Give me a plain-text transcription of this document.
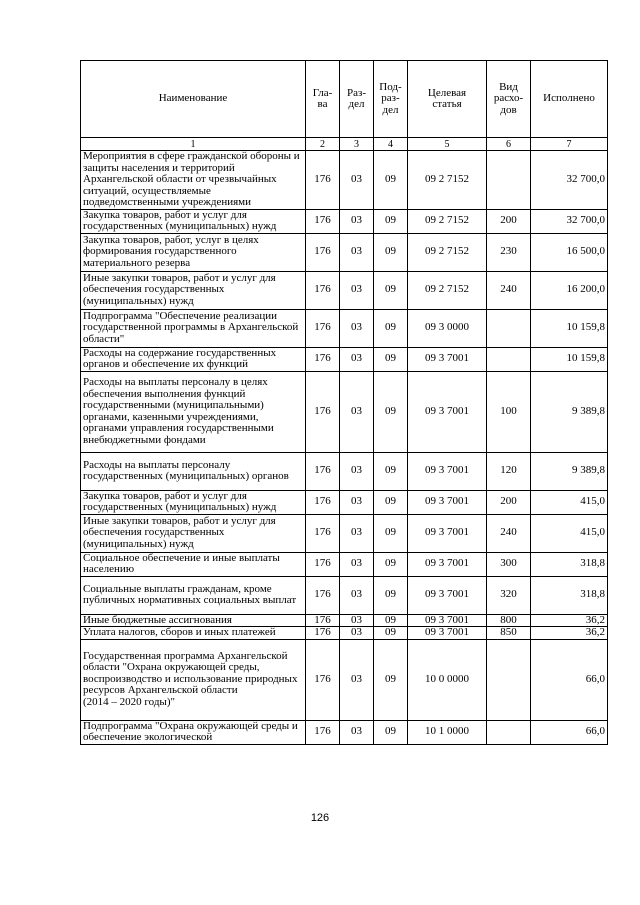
Наименование	Гла-
ва	Раз-
дел	Под-
раз-
дел	Целевая
статья	Вид
расхо-
дов	Исполнено
1	2	3	4	5	6	7
Мероприятия в сфере гражданской обороны и защиты населения и территорий Архангельской области от чрезвычайных ситуаций, осуществляемые подведомственными учреждениями	176	03	09	09 2 7152		32 700,0
Закупка товаров, работ и услуг для государственных (муниципальных) нужд	176	03	09	09 2 7152	200	32 700,0
Закупка товаров, работ, услуг в целях формирования государственного материального резерва	176	03	09	09 2 7152	230	16 500,0
Иные закупки товаров, работ и услуг для обеспечения государственных (муниципальных) нужд	176	03	09	09 2 7152	240	16 200,0
Подпрограмма "Обеспечение реализации государственной программы в Архангельской области"	176	03	09	09 3 0000		10 159,8
Расходы на содержание государственных органов и обеспечение их функций	176	03	09	09 3 7001		10 159,8
Расходы на выплаты персоналу в целях обеспечения выполнения функций государственными (муниципальными) органами, казенными учреждениями, органами управления государственными внебюджетными фондами	176	03	09	09 3 7001	100	9 389,8
Расходы на выплаты персоналу государственных (муниципальных) органов	176	03	09	09 3 7001	120	9 389,8
Закупка товаров, работ и услуг для государственных (муниципальных) нужд	176	03	09	09 3 7001	200	415,0
Иные закупки товаров, работ и услуг для обеспечения государственных (муниципальных) нужд	176	03	09	09 3 7001	240	415,0
Социальное обеспечение и иные выплаты населению	176	03	09	09 3 7001	300	318,8
Социальные выплаты гражданам, кроме публичных нормативных социальных выплат	176	03	09	09 3 7001	320	318,8
Иные бюджетные ассигнования	176	03	09	09 3 7001	800	36,2
Уплата налогов, сборов и иных платежей	176	03	09	09 3 7001	850	36,2
Государственная программа Архангельской области "Охрана окружающей среды, воспроизводство и использование природных ресурсов Архангельской области
(2014 – 2020 годы)"	176	03	09	10 0 0000		66,0
Подпрограмма "Охрана окружающей среды и обеспечение экологической	176	03	09	10 1 0000		66,0
126
